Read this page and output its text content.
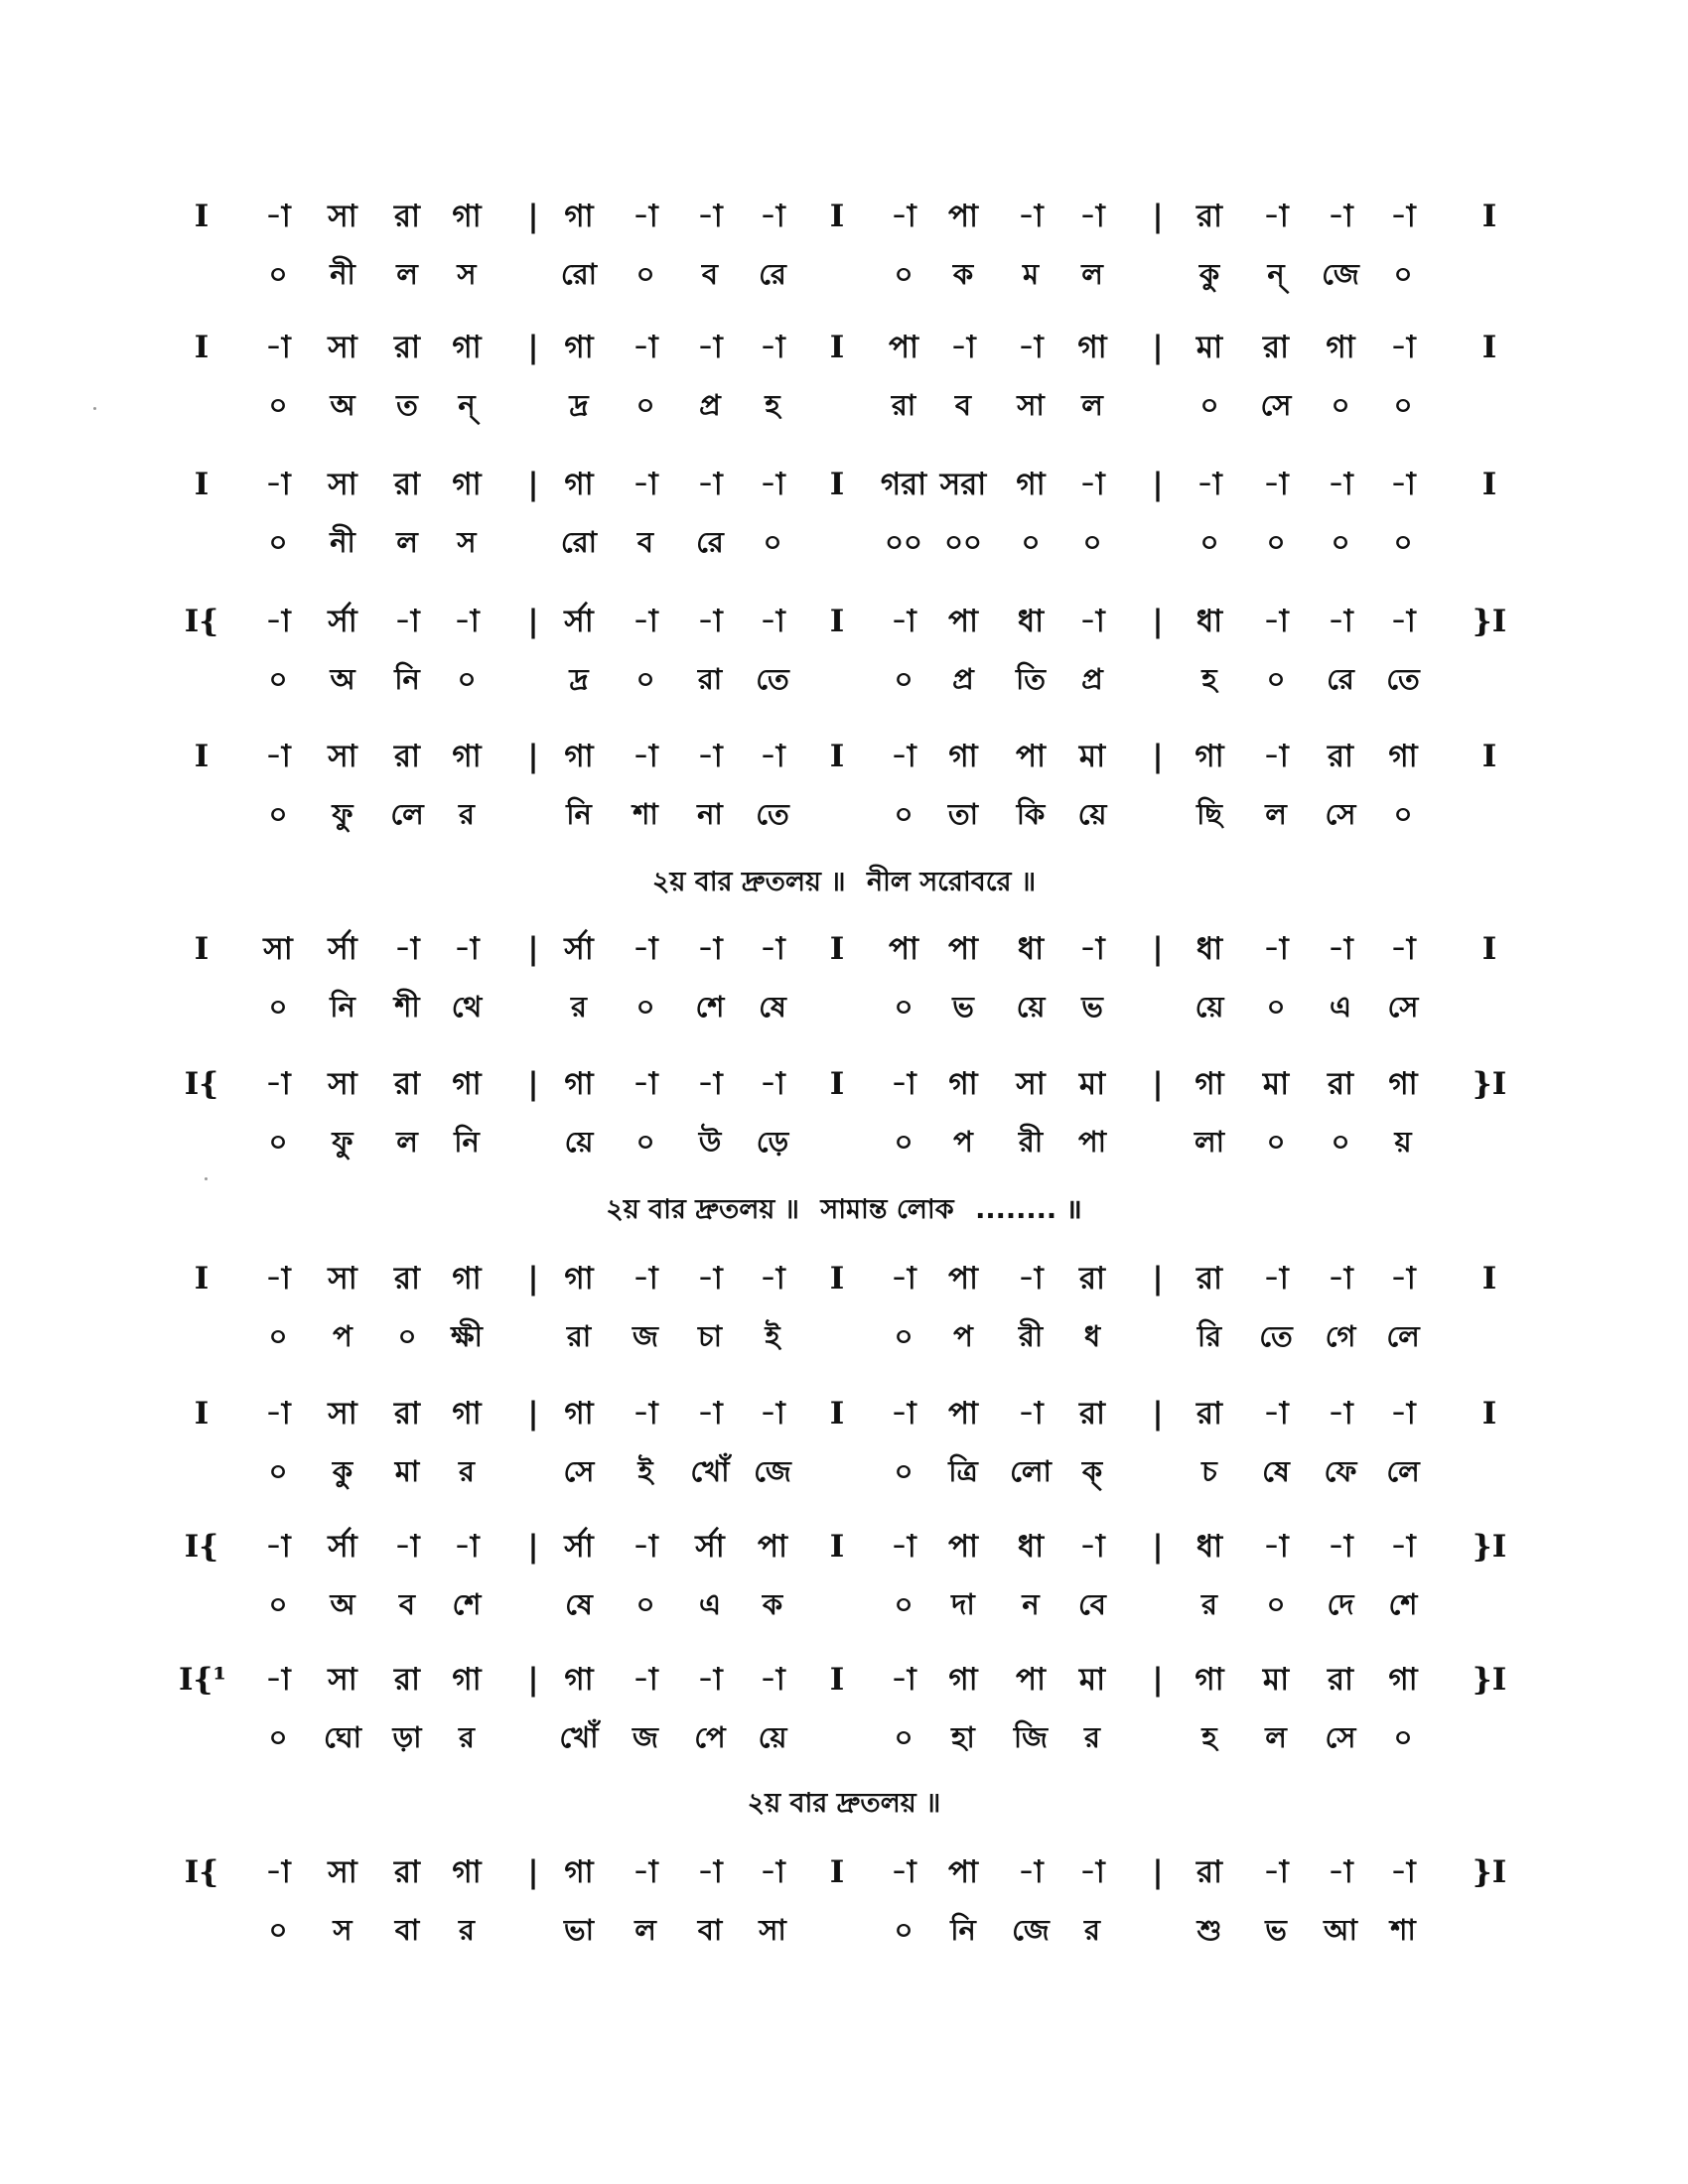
I	-া	সা	রা	গা	| গা	-া	-া	-া	I	-া	পা	-া	-া	|	রা	-া	-া	-া	I
০	নী	ল	স	রো	০	ব	রে	০	ক	ম	ল	কু	ন্	জে	০
I	-া	সা	রা	গা	| গা	-া	-া	-া	I	পা	-া	-া	গা	|	মা	রা	গা	-া	I
০	অ	ত	ন্	দ্র	০	প্র	হ	রা	ব	সা	ল	০	সে	০	০
I	-া	সা	রা	গা	| গা	-া	-া	-া	I	গরা সরা গা	-া	|	-া	-া	-া	-া	I
০	নী	ল	স	রো	ব	রে	০	০০ ০০	০	০	০	০	০	০
I{	-া	র্সা	-া	-া	| র্সা	-া	-া	-া	I	-া	পা	ধা	-া	|	ধা	-া	-া	-া	}I
০	অ	নি	০	দ্র	০	রা	তে	০	প্র	তি	প্র	হ	০	রে	তে
I	-া	সা	রা	গা	| গা	-া	-া	-া	I	-া	গা	পা	মা	|	গা	-া	রা	গা	I
০	ফু	লে	র	নি	শা	না	তে	০	তা	কি	য়ে	ছি	ল	সে	০
২য় বার দ্রুতলয় ॥ নীল সরোবরে ॥
I	সা	র্সা	-া	-া	| র্সা	-া	-া	-া	I	পা পা	ধা	-া	|	ধা	-া	-া	-া	I
০	নি	শী	থে	র	০	শে	ষে	০	ভ	য়ে	ভ	য়ে	০	এ	সে
I{	-া	সা	রা	গা	| গা	-া	-া	-া	I	-া	গা	সা	মা	|	গা	মা	রা	গা	}I
০	ফু	ল	নি	য়ে	০	উ	ড়ে	০	প	রী	পা	লা	০	০	য়
২য় বার দ্রুতলয় ॥ সামান্ত লোক ........ ॥
I	-া	সা	রা	গা	| গা	-া	-া	-া	I	-া	পা	-া	রা	|	রা	-া	-া	-া	I
০	প	০	ক্ষী	রা	জ	চা	ই	০	প	রী	ধ	রি	তে	গে	লে
I	-া	সা	রা	গা	| গা	-া	-া	-া	I	-া	পা	-া	রা	|	রা	-া	-া	-া	I
০	কু	মা	র	সে	ই	খোঁ জে	০	ত্রি	লো	ক্	চ	ষে	ফে	লে
I{	-া	র্সা	-া	-া	| র্সা	-া	র্সা	পা	I	-া	পা	ধা	-া	|	ধা	-া	-া	-া	}I
০	অ	ব	শে	ষে	০	এ	ক	০	দা	ন	বে	র	০	দে	শে
I{¹	-া	সা	রা	গা	| গা	-া	-া	-া	I	-া	গা	পা	মা	|	গা	মা	রা	গা	}I
০	ঘো	ড়া	র	খোঁ	জ	পে	য়ে	০	হা	জি	র	হ	ল	সে	০
২য় বার দ্রুতলয় ॥
I{	-া	সা	রা	গা	| গা	-া	-া	-া	I	-া	পা	-া	-া	|	রা	-া	-া	-া	}I
০	স	বা	র	ভা	ল	বা	সা	০	নি	জে	র	শু	ভ	আ	শা
